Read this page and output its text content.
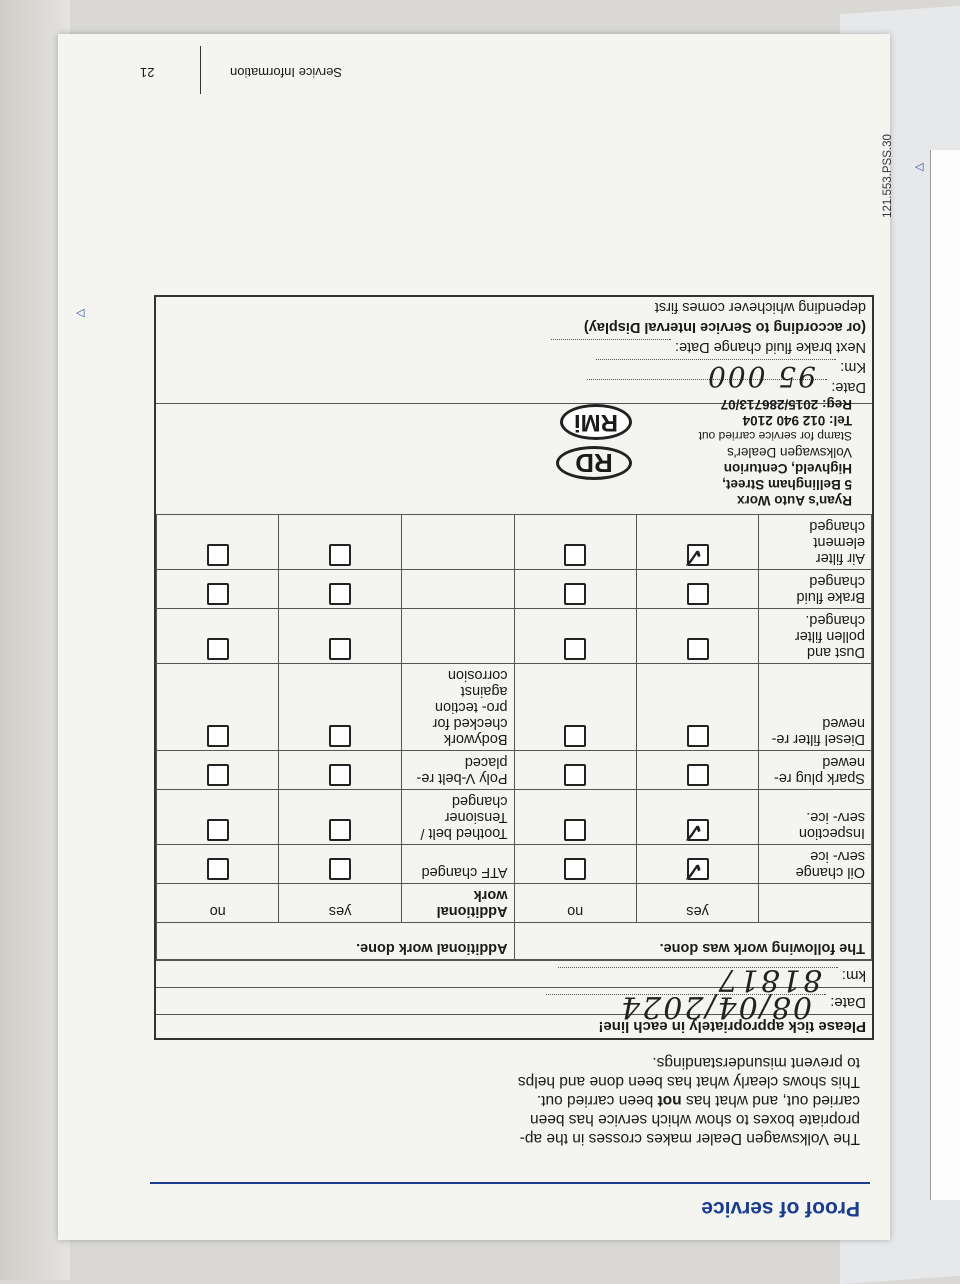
Proof of service
The Volkswagen Dealer makes crosses in the ap-
propriate boxes to show which service has been
carried out, and what has not been carried out.
This shows clearly what has been done and helps
to prevent misunderstandings.
Please tick appropriately in each line!
Date:
08/04/2024
km:
81817
The following work was done.			Additional work done.		
	yes	no	Additional work	yes	no
Oil change serv- ice	✓		ATF changed		
Inspection serv- ice.	✓		Toothed belt / Tensioner changed		
Spark plug re- newed			Poly V-belt re- placed		
Diesel filter re- newed			Bodywork checked for pro- tection against corrosion		
Dust and pollen filter changed.					
Brake fluid changed					
Air filter element changed	✓				
Ryan's Auto Worx
5 Bellingham Street,
Highveld, Centurion
Volkswagen Dealer's
Stamp for service carried out
Tel: 012 940 2104
Reg: 2015/286713/07
RD
RMi
Date:
Km:
95 000
Next brake fluid change Date:
(or according to Service Interval Display)
depending whichever comes first
Service Information
21
121.553.PSS.30 ◁
◁
